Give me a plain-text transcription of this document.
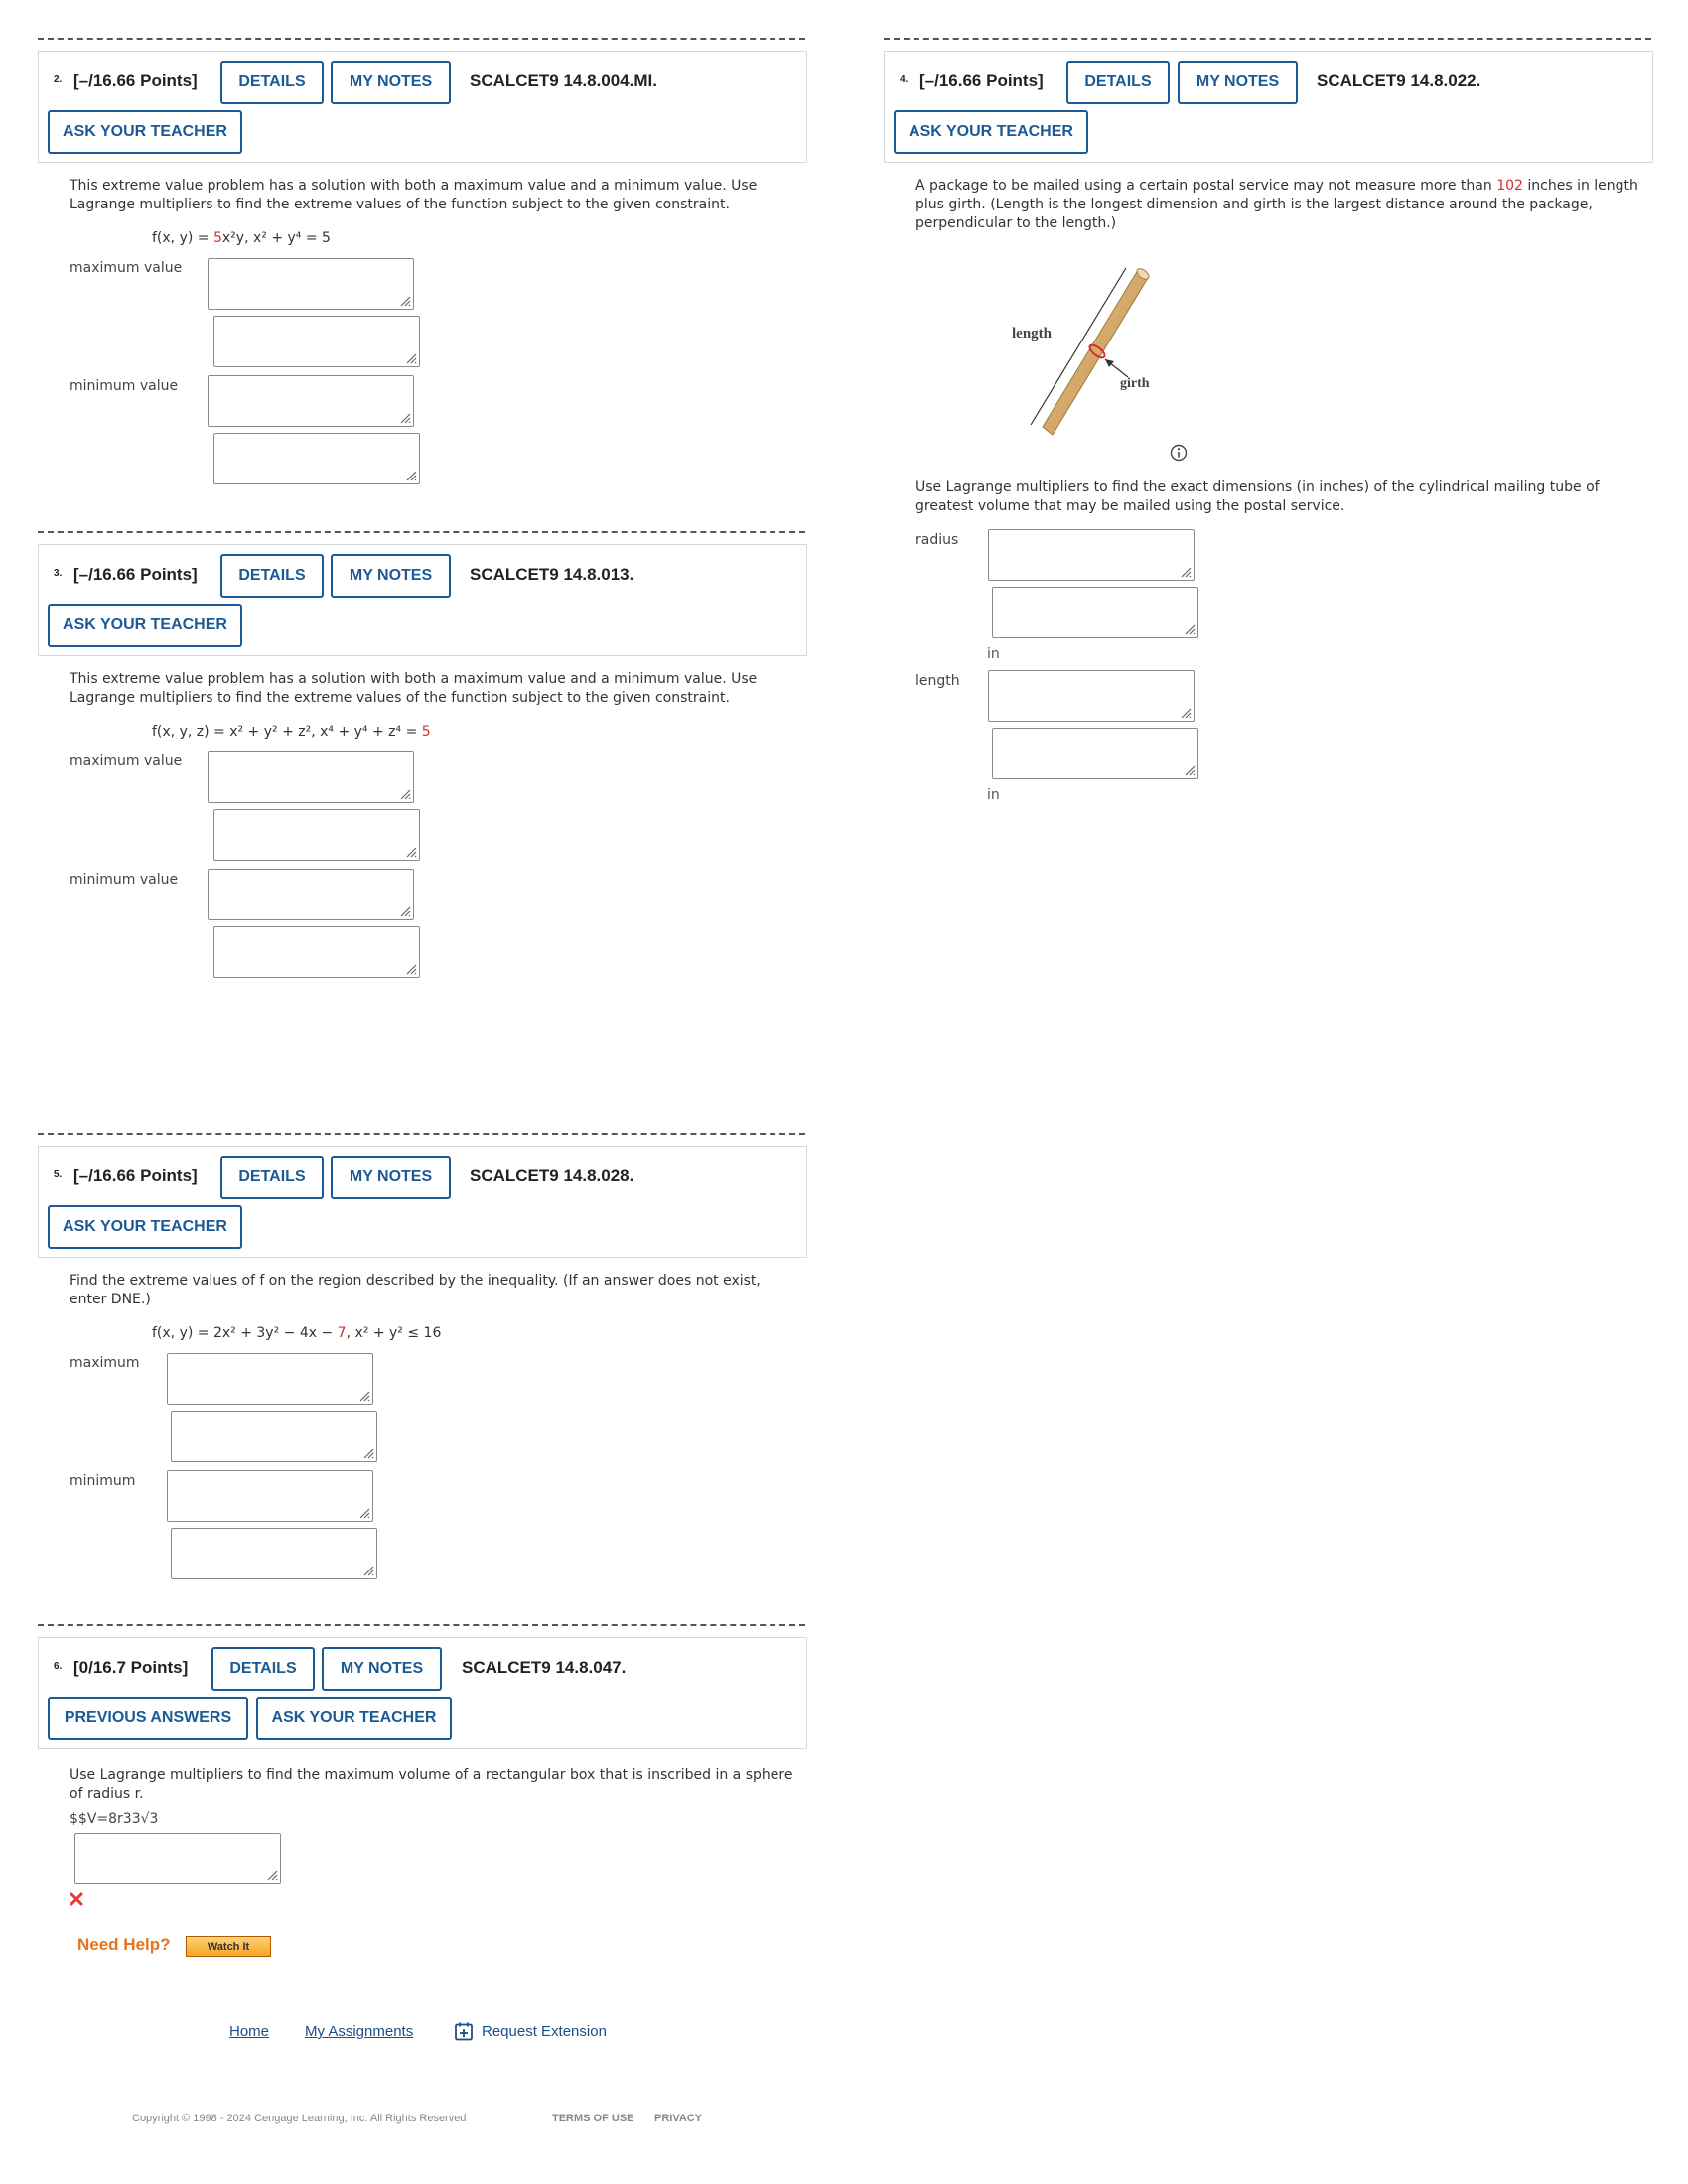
2. [–/16.66 Points]	DETAILS	MY NOTES	SCALCET9 14.8.004.MI.
ASK YOUR TEACHER
This extreme value problem has a solution with both a maximum value and a minimum value. Use Lagrange multipliers to find the extreme values of the function subject to the given constraint.
f(x, y) = 5x²y, x² + y⁴ = 5
maximum value
minimum value
3. [–/16.66 Points]	DETAILS	MY NOTES	SCALCET9 14.8.013.
ASK YOUR TEACHER
This extreme value problem has a solution with both a maximum value and a minimum value. Use Lagrange multipliers to find the extreme values of the function subject to the given constraint.
f(x, y, z) = x² + y² + z², x⁴ + y⁴ + z⁴ = 5
maximum value
minimum value
5. [–/16.66 Points]	DETAILS	MY NOTES	SCALCET9 14.8.028.
ASK YOUR TEACHER
Find the extreme values of f on the region described by the inequality. (If an answer does not exist, enter DNE.)
f(x, y) = 2x² + 3y² − 4x − 7, x² + y² ≤ 16
maximum
minimum
6. [0/16.7 Points]	DETAILS	MY NOTES	SCALCET9 14.8.047.
PREVIOUS ANSWERS	ASK YOUR TEACHER
Use Lagrange multipliers to find the maximum volume of a rectangular box that is inscribed in a sphere of radius r.
$$V=8r33√3
Need Help?	Watch It
4. [–/16.66 Points]	DETAILS	MY NOTES	SCALCET9 14.8.022.
ASK YOUR TEACHER
A package to be mailed using a certain postal service may not measure more than 102 inches in length plus girth. (Length is the longest dimension and girth is the largest distance around the package, perpendicular to the length.)
length
girth
Use Lagrange multipliers to find the exact dimensions (in inches) of the cylindrical mailing tube of greatest volume that may be mailed using the postal service.
radius
in
length
in
Home My Assignments	Request Extension
Copyright © 1998 - 2024 Cengage Learning, Inc. All Rights Reserved	TERMS OF USE PRIVACY
